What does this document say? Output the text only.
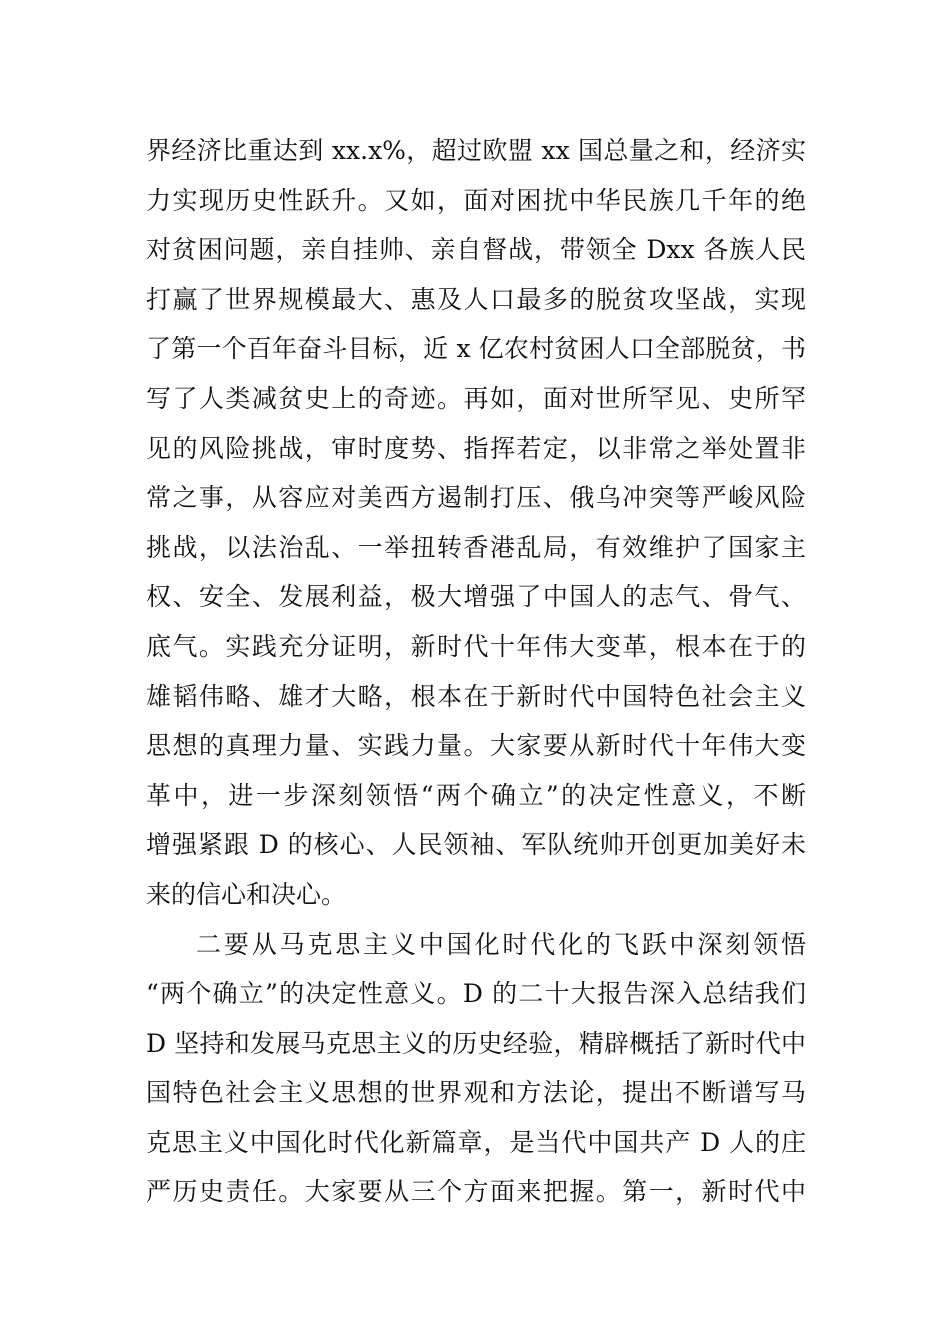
界经济比重达到 xx.x%，超过欧盟 xx 国总量之和，经济实
力实现历史性跃升。又如，面对困扰中华民族几千年的绝
对贫困问题，亲自挂帅、亲自督战，带领全 Dxx 各族人民
打赢了世界规模最大、惠及人口最多的脱贫攻坚战，实现
了第一个百年奋斗目标，近 x 亿农村贫困人口全部脱贫，书
写了人类减贫史上的奇迹。再如，面对世所罕见、史所罕
见的风险挑战，审时度势、指挥若定，以非常之举处置非
常之事，从容应对美西方遏制打压、俄乌冲突等严峻风险
挑战，以法治乱、一举扭转香港乱局，有效维护了国家主
权、安全、发展利益，极大增强了中国人的志气、骨气、
底气。实践充分证明，新时代十年伟大变革，根本在于的
雄韬伟略、雄才大略，根本在于新时代中国特色社会主义
思想的真理力量、实践力量。大家要从新时代十年伟大变
革中，进一步深刻领悟“两个确立”的决定性意义，不断
增强紧跟 D 的核心、人民领袖、军队统帅开创更加美好未
来的信心和决心。
二要从马克思主义中国化时代化的飞跃中深刻领悟
“两个确立”的决定性意义。D 的二十大报告深入总结我们
D 坚持和发展马克思主义的历史经验，精辟概括了新时代中
国特色社会主义思想的世界观和方法论，提出不断谱写马
克思主义中国化时代化新篇章，是当代中国共产 D 人的庄
严历史责任。大家要从三个方面来把握。第一，新时代中
